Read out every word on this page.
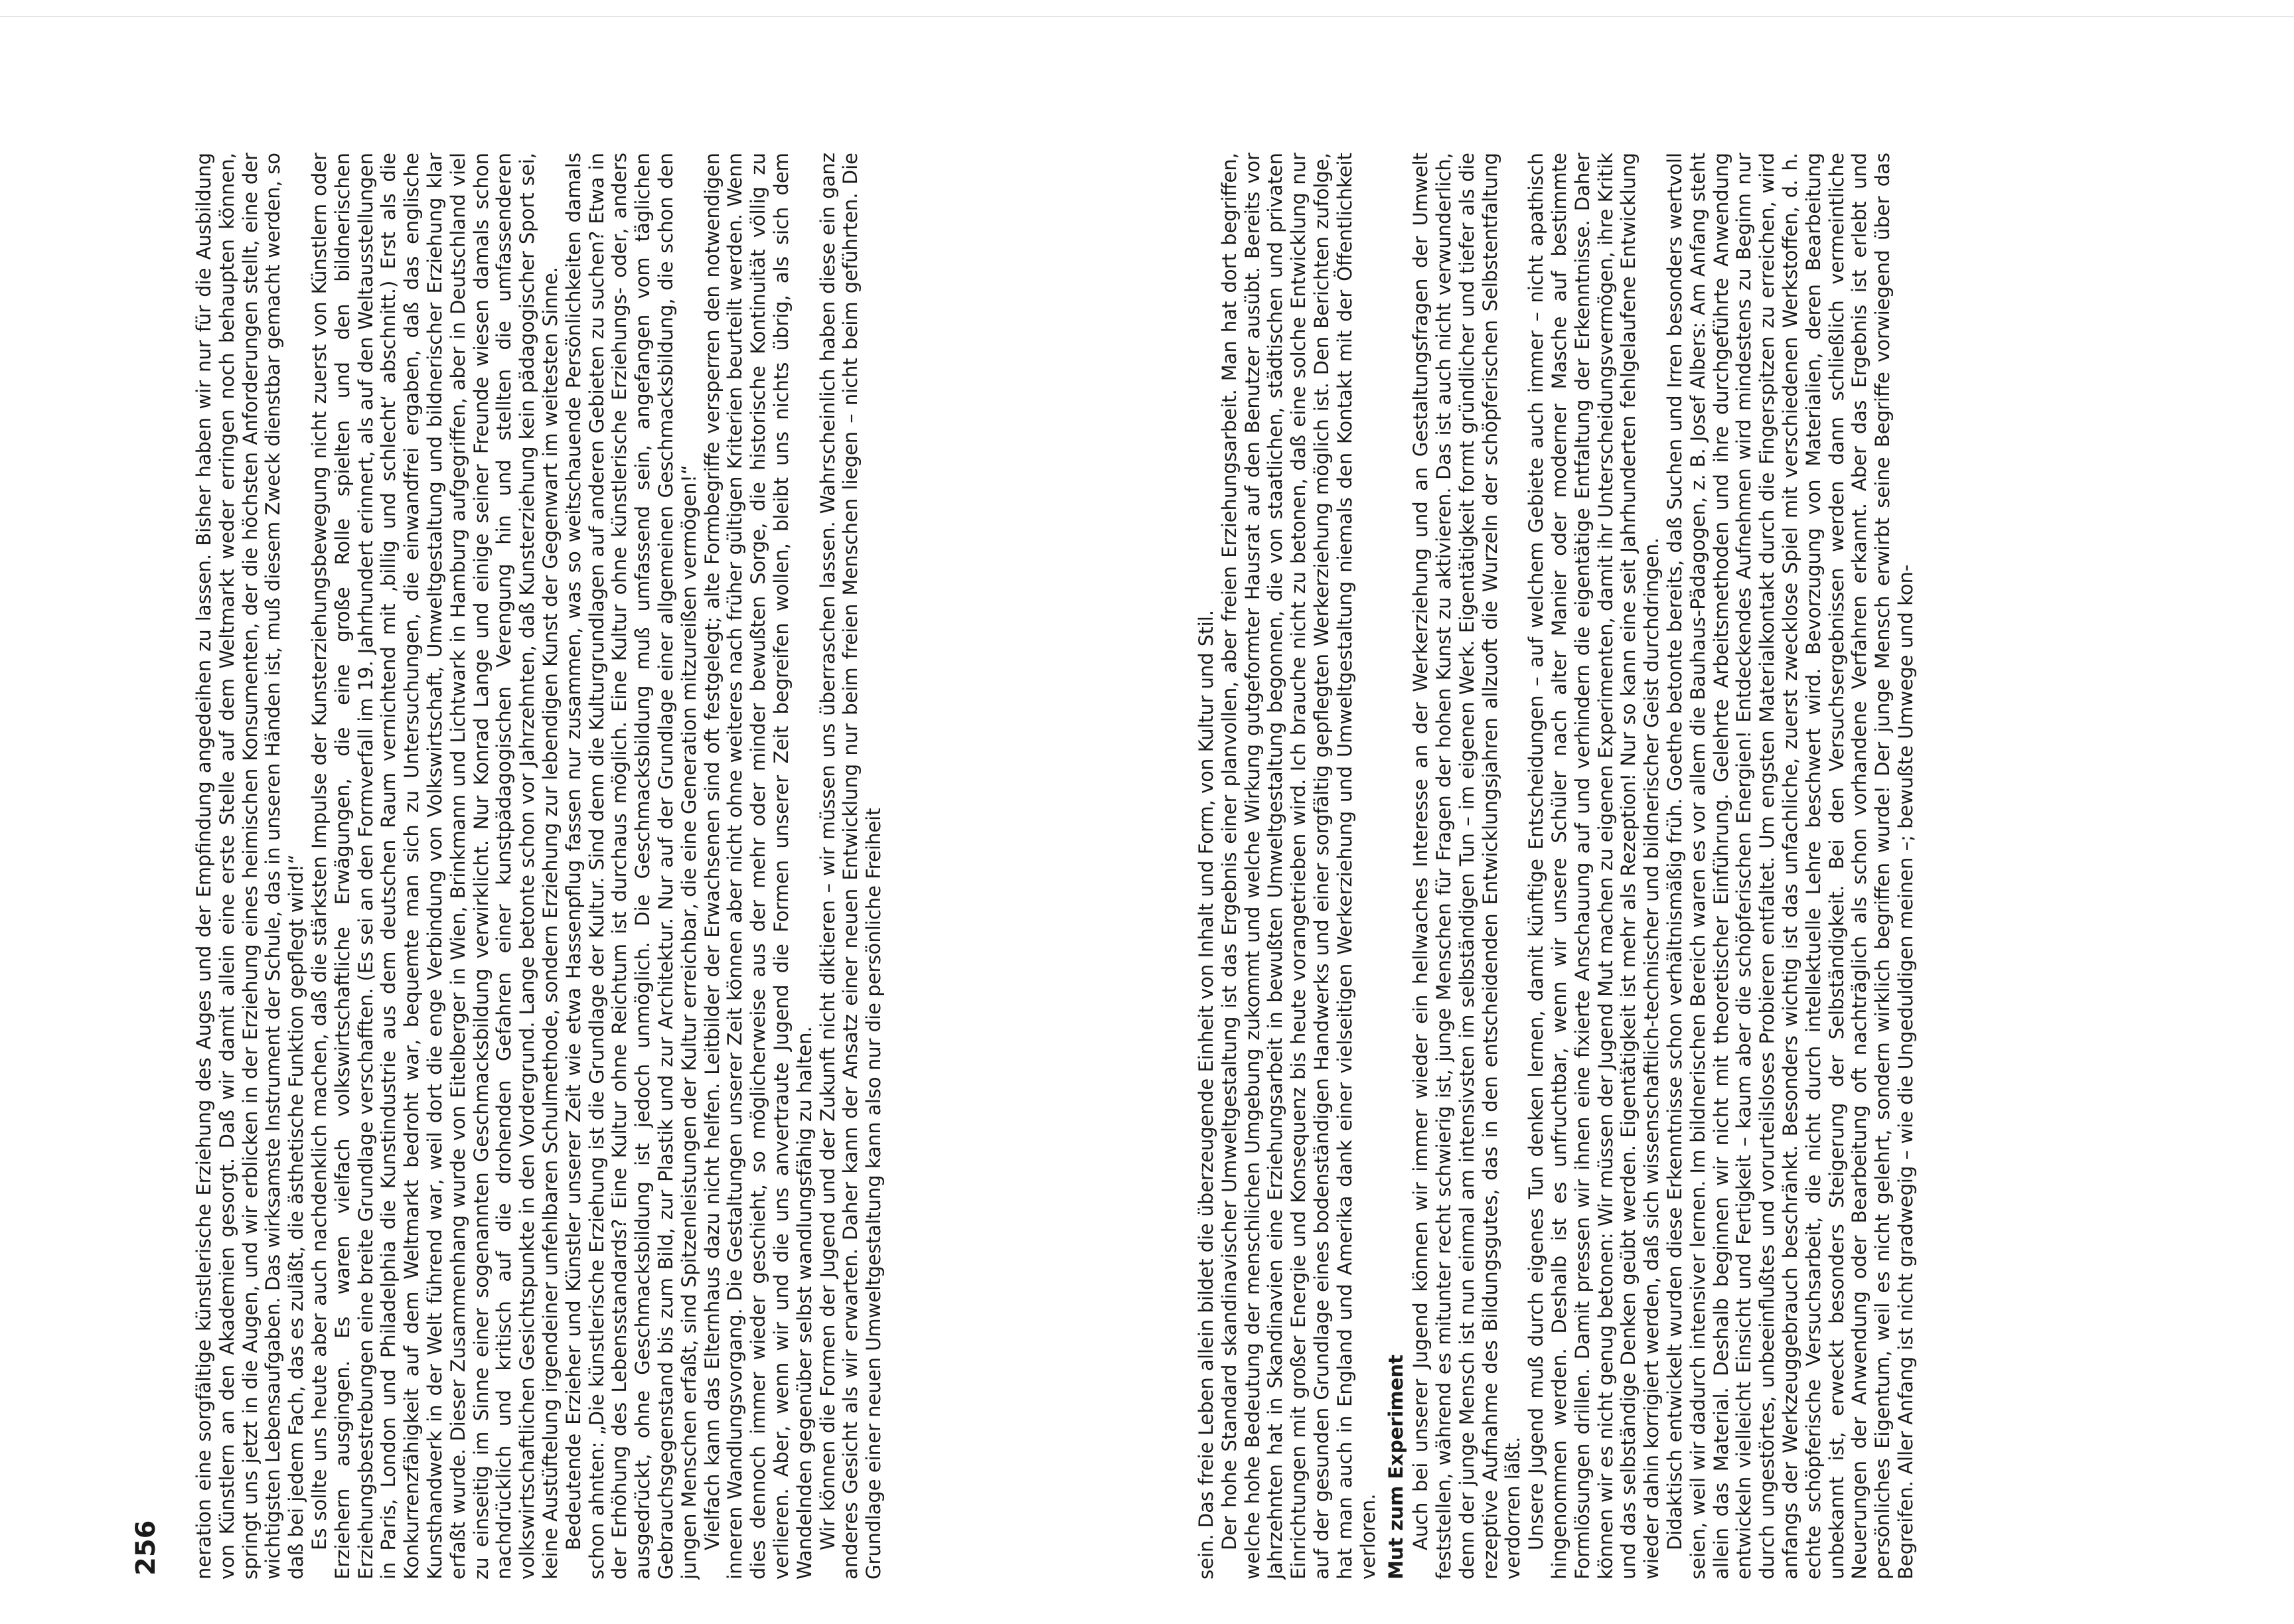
256 neration eine sorgfältige künstlerische Erziehung des Auges und der Empfindung angedeihen zu lassen. Bisher haben wir nur für die Ausbildung von Künstlern an den Akademien gesorgt. Daß wir damit allein eine erste Stelle auf dem Weltmarkt weder erringen noch behaupten können, springt uns jetzt in die Augen, und wir erblicken in der Erziehung eines heimischen Konsumenten, der die höchsten Anforderungen stellt, eine der wichtigsten Lebensaufgaben. Das wirksamste Instrument der Schule, das in unseren Händen ist, muß diesem Zweck dienstbar gemacht werden, so daß bei jedem Fach, das es zuläßt, die ästhetische Funktion gepflegt wird!“ Es sollte uns heute aber auch nachdenklich machen, daß die stärksten Impulse der Kunsterziehungsbewegung nicht zuerst von Künstlern oder Erziehern ausgingen. Es waren vielfach volkswirtschaftliche Erwägungen, die eine große Rolle spielten und den bildnerischen Erziehungsbestrebungen eine breite Grundlage verschafften. (Es sei an den Formverfall im 19. Jahrhundert erinnert, als auf den Weltausstellungen in Paris, London und Philadelphia die Kunstindustrie aus dem deutschen Raum vernichtend mit ‚billig und schlecht‘ abschnitt.) Erst als die Konkurrenzfähigkeit auf dem Weltmarkt bedroht war, bequemte man sich zu Untersuchungen, die einwandfrei ergaben, daß das englische Kunsthandwerk in der Welt führend war, weil dort die enge Verbindung von Volkswirtschaft, Umweltgestaltung und bildnerischer Erziehung klar erfaßt wurde. Dieser Zusammenhang wurde von Eitelberger in Wien, Brinkmann und Lichtwark in Hamburg aufgegriffen, aber in Deutschland viel zu einseitig im Sinne einer sogenannten Geschmacksbildung verwirklicht. Nur Konrad Lange und einige seiner Freunde wiesen damals schon nachdrücklich und kritisch auf die drohenden Gefahren einer kunstpädagogischen Verengung hin und stellten die umfassenderen volkswirtschaftlichen Gesichtspunkte in den Vordergrund. Lange betonte schon vor Jahrzehnten, daß Kunsterziehung kein pädagogischer Sport sei, keine Austüftelung irgendeiner unfehlbaren Schulmethode, sondern Erziehung zur lebendigen Kunst der Gegenwart im weitesten Sinne. Bedeutende Erzieher und Künstler unserer Zeit wie etwa Hassenpflug fassen nur zusammen, was so weitschauende Persönlichkeiten damals schon ahnten: „Die künstlerische Erziehung ist die Grundlage der Kultur. Sind denn die Kulturgrundlagen auf anderen Gebieten zu suchen? Etwa in der Erhöhung des Lebensstandards? Eine Kultur ohne Reichtum ist durchaus möglich. Eine Kultur ohne künstlerische Erziehungs- oder, anders ausgedrückt, ohne Geschmacksbildung ist jedoch unmöglich. Die Geschmacksbildung muß umfassend sein, angefangen vom täglichen Gebrauchsgegenstand bis zum Bild, zur Plastik und zur Architektur. Nur auf der Grundlage einer allgemeinen Geschmacksbildung, die schon den jungen Menschen erfaßt, sind Spitzenleistungen der Kultur erreichbar, die eine Generation mitzureißen vermögen!“ Vielfach kann das Elternhaus dazu nicht helfen. Leitbilder der Erwachsenen sind oft festgelegt; alte Formbegriffe versperren den notwendigen inneren Wandlungsvorgang. Die Gestaltungen unserer Zeit können aber nicht ohne weiteres nach früher gültigen Kriterien beurteilt werden. Wenn dies dennoch immer wieder geschieht, so möglicherweise aus der mehr oder minder bewußten Sorge, die historische Kontinuität völlig zu verlieren. Aber, wenn wir und die uns anvertraute Jugend die Formen unserer Zeit begreifen wollen, bleibt uns nichts übrig, als sich dem Wandelnden gegenüber selbst wandlungsfähig zu halten. Wir können die Formen der Jugend und der Zukunft nicht diktieren – wir müssen uns überraschen lassen. Wahrscheinlich haben diese ein ganz anderes Gesicht als wir erwarten. Daher kann der Ansatz einer neuen Entwicklung nur beim freien Menschen liegen – nicht beim geführten. Die Grundlage einer neuen Umweltgestaltung kann also nur die persönliche Freiheit	sein. Das freie Leben allein bildet die überzeugende Einheit von Inhalt und Form, von Kultur und Stil. Der hohe Standard skandinavischer Umweltgestaltung ist das Ergebnis einer planvollen, aber freien Erziehungsarbeit. Man hat dort begriffen, welche hohe Bedeutung der menschlichen Umgebung zukommt und welche Wirkung gutgeformter Hausrat auf den Benutzer ausübt. Bereits vor Jahrzehnten hat in Skandinavien eine Erziehungsarbeit in bewußten Umweltgestaltung begonnen, die von staatlichen, städtischen und privaten Einrichtungen mit großer Energie und Konsequenz bis heute vorangetrieben wird. Ich brauche nicht zu betonen, daß eine solche Entwicklung nur auf der gesunden Grundlage eines bodenständigen Handwerks und einer sorgfältig gepflegten Werkerziehung möglich ist. Den Berichten zufolge, hat man auch in England und Amerika dank einer vielseitigen Werkerziehung und Umweltgestaltung niemals den Kontakt mit der Öffentlichkeit verloren. Mut zum Experiment Auch bei unserer Jugend können wir immer wieder ein hellwaches Interesse an der Werkerziehung und an Gestaltungsfragen der Umwelt feststellen, während es mitunter recht schwierig ist, junge Menschen für Fragen der hohen Kunst zu aktivieren. Das ist auch nicht verwunderlich, denn der junge Mensch ist nun einmal am intensivsten im selbständigen Tun – im eigenen Werk. Eigentätigkeit formt gründlicher und tiefer als die rezeptive Aufnahme des Bildungsgutes, das in den entscheidenden Entwicklungsjahren allzuoft die Wurzeln der schöpferischen Selbstentfaltung verdorren läßt. Unsere Jugend muß durch eigenes Tun denken lernen, damit künftige Entscheidungen – auf welchem Gebiete auch immer – nicht apathisch hingenommen werden. Deshalb ist es unfruchtbar, wenn wir unsere Schüler nach alter Manier oder moderner Masche auf bestimmte Formlösungen drillen. Damit pressen wir ihnen eine fixierte Anschauung auf und verhindern die eigentätige Entfaltung der Erkenntnisse. Daher können wir es nicht genug betonen: Wir müssen der Jugend Mut machen zu eigenen Experimenten, damit ihr Unterscheidungsvermögen, ihre Kritik und das selbständige Denken geübt werden. Eigentätigkeit ist mehr als Rezeption! Nur so kann eine seit Jahrhunderten fehlgelaufene Entwicklung wieder dahin korrigiert werden, daß sich wissenschaftlich-technischer und bildnerischer Geist durchdringen. Didaktisch entwickelt wurden diese Erkenntnisse schon verhältnismäßig früh. Goethe betonte bereits, daß Suchen und Irren besonders wertvoll seien, weil wir dadurch intensiver lernen. Im bildnerischen Bereich waren es vor allem die Bauhaus-Pädagogen, z. B. Josef Albers: Am Anfang steht allein das Material. Deshalb beginnen wir nicht mit theoretischer Einführung. Gelehrte Arbeitsmethoden und ihre durchgeführte Anwendung entwickeln vielleicht Einsicht und Fertigkeit – kaum aber die schöpferischen Energien! Entdeckendes Aufnehmen wird mindestens zu Beginn nur durch ungestörtes, unbeeinflußtes und vorurteilsloses Probieren entfaltet. Um engsten Materialkontakt durch die Fingerspitzen zu erreichen, wird anfangs der Werkzeuggebrauch beschränkt. Besonders wichtig ist das unfachliche, zuerst zwecklose Spiel mit verschiedenen Werkstoffen, d. h. echte schöpferische Versuchsarbeit, die nicht durch intellektuelle Lehre beschwert wird. Bevorzugung von Materialien, deren Bearbeitung unbekannt ist, erweckt besonders Steigerung der Selbständigkeit. Bei den Versuchsergebnissen werden dann schließlich vermeintliche Neuerungen der Anwendung oder Bearbeitung oft nachträglich als schon vorhandene Verfahren erkannt. Aber das Ergebnis ist erlebt und persönliches Eigentum, weil es nicht gelehrt, sondern wirklich begriffen wurde! Der junge Mensch erwirbt seine Begriffe vorwiegend über das Begreifen. Aller Anfang ist nicht gradwegig – wie die Ungeduldigen meinen –; bewußte Umwege und kon-
